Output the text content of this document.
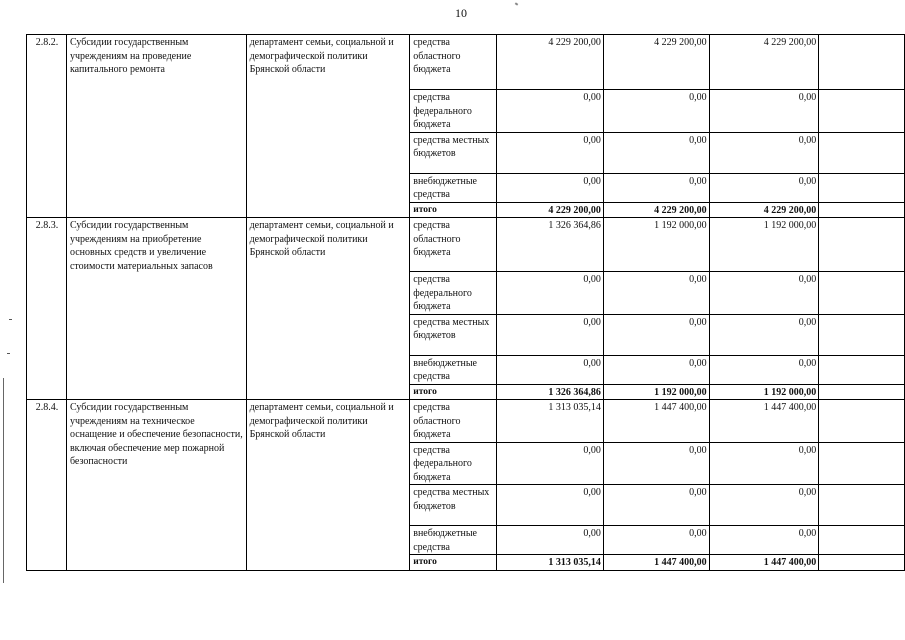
10
2.8.2.	Субсидии государственным учреждениям на проведение капитального ремонта	департамент семьи, социальной и демографической политики Брянской области	средства областного бюджета	4 229 200,00	4 229 200,00	4 229 200,00	
			средства федерального бюджета	0,00	0,00	0,00	
			средства местных бюджетов	0,00	0,00	0,00	
			внебюджетные средства	0,00	0,00	0,00	
			итого	4 229 200,00	4 229 200,00	4 229 200,00	
2.8.3.	Субсидии государственным учреждениям на приобретение основных средств и увеличение стоимости материальных запасов	департамент семьи, социальной и демографической политики Брянской области	средства областного бюджета	1 326 364,86	1 192 000,00	1 192 000,00	
			средства федерального бюджета	0,00	0,00	0,00	
			средства местных бюджетов	0,00	0,00	0,00	
			внебюджетные средства	0,00	0,00	0,00	
			итого	1 326 364,86	1 192 000,00	1 192 000,00	
2.8.4.	Субсидии государственным учреждениям на техническое оснащение и обеспечение безопасности, включая обеспечение мер пожарной безопасности	департамент семьи, социальной и демографической политики Брянской области	средства областного бюджета	1 313 035,14	1 447 400,00	1 447 400,00	
			средства федерального бюджета	0,00	0,00	0,00	
			средства местных бюджетов	0,00	0,00	0,00	
			внебюджетные средства	0,00	0,00	0,00	
			итого	1 313 035,14	1 447 400,00	1 447 400,00	
